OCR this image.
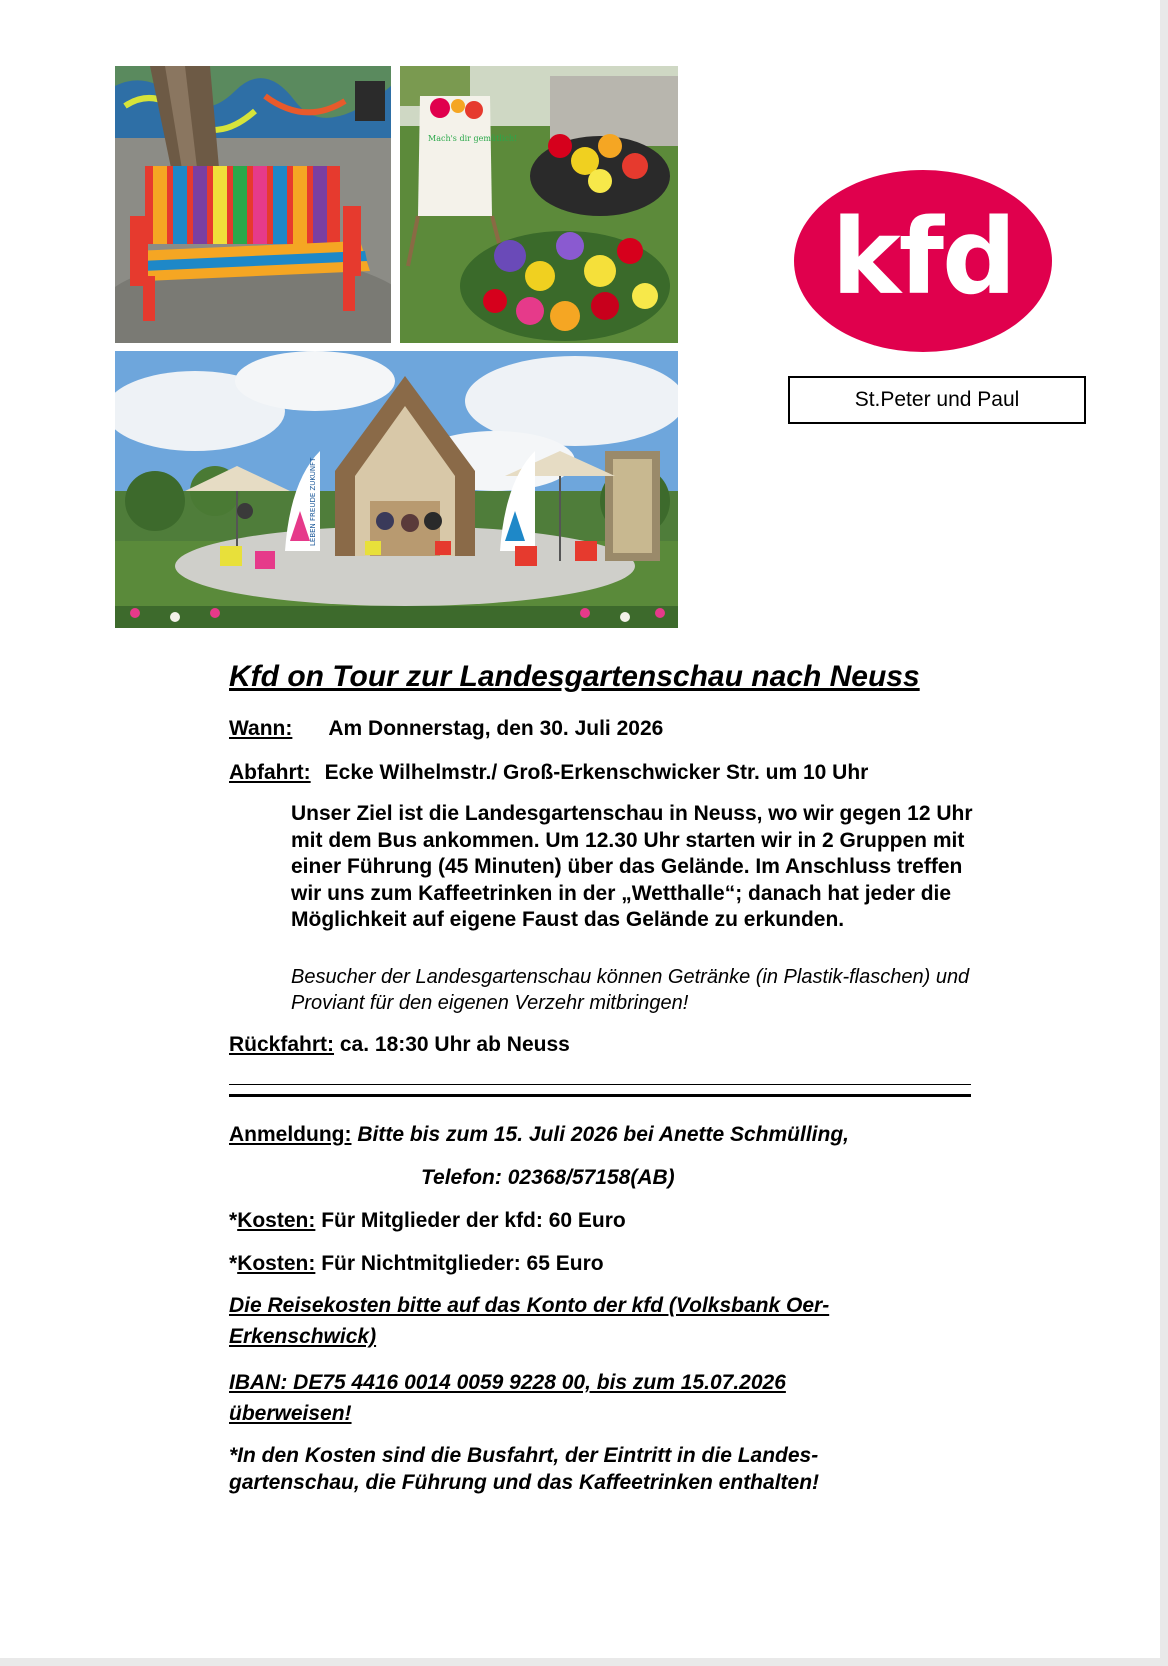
Mach's dir gemütlich!
LEBEN FREUDE ZUKUNFT
kfd
St.Peter und Paul
Kfd on Tour zur Landesgartenschau nach Neuss
Wann: Am Donnerstag, den 30. Juli 2026
Abfahrt: Ecke Wilhelmstr./ Groß-Erkenschwicker Str. um 10 Uhr
Unser Ziel ist die Landesgartenschau in Neuss, wo wir gegen 12 Uhr mit dem Bus ankommen. Um 12.30 Uhr starten wir in 2 Gruppen mit einer Führung (45 Minuten) über das Gelände. Im Anschluss treffen wir uns zum Kaffeetrinken in der „Wetthalle“; danach hat jeder die Möglichkeit auf eigene Faust das Gelände zu erkunden.
Besucher der Landesgartenschau können Getränke (in Plastik-flaschen) und Proviant für den eigenen Verzehr mitbringen!
Rückfahrt: ca. 18:30 Uhr ab Neuss
Anmeldung: Bitte bis zum 15. Juli 2026 bei Anette Schmülling,
Telefon: 02368/57158(AB)
*Kosten: Für Mitglieder der kfd: 60 Euro
*Kosten: Für Nichtmitglieder: 65 Euro
Die Reisekosten bitte auf das Konto der kfd (Volksbank Oer-Erkenschwick)
IBAN: DE75 4416 0014 0059 9228 00, bis zum 15.07.2026 überweisen!
*In den Kosten sind die Busfahrt, der Eintritt in die Landes-gartenschau, die Führung und das Kaffeetrinken enthalten!
